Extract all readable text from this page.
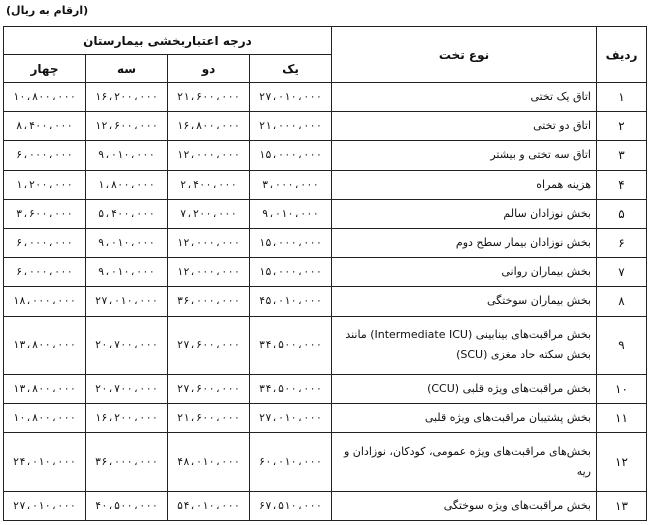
(ارقام به ریال)
ردیف	نوع تخت	درجه اعتباربخشی بیمارستان			
		یک	دو	سه	چهار
۱	اتاق یک تختی	۲۷،۰۱۰،۰۰۰	۲۱،۶۰۰،۰۰۰	۱۶،۲۰۰،۰۰۰	۱۰،۸۰۰،۰۰۰
۲	اتاق دو تختی	۲۱،۰۰۰،۰۰۰	۱۶،۸۰۰،۰۰۰	۱۲،۶۰۰،۰۰۰	۸،۴۰۰،۰۰۰
۳	اتاق سه تختی و بیشتر	۱۵،۰۰۰،۰۰۰	۱۲،۰۰۰،۰۰۰	۹،۰۱۰،۰۰۰	۶،۰۰۰،۰۰۰
۴	هزینه همراه	۳،۰۰۰،۰۰۰	۲،۴۰۰،۰۰۰	۱،۸۰۰،۰۰۰	۱،۲۰۰،۰۰۰
۵	بخش نوزادان سالم	۹،۰۱۰،۰۰۰	۷،۲۰۰،۰۰۰	۵،۴۰۰،۰۰۰	۳،۶۰۰،۰۰۰
۶	بخش نوزادان بیمار سطح دوم	۱۵،۰۰۰،۰۰۰	۱۲،۰۰۰،۰۰۰	۹،۰۱۰،۰۰۰	۶،۰۰۰،۰۰۰
۷	بخش بیماران روانی	۱۵،۰۰۰،۰۰۰	۱۲،۰۰۰،۰۰۰	۹،۰۱۰،۰۰۰	۶،۰۰۰،۰۰۰
۸	بخش بیماران سوختگی	۴۵،۰۱۰،۰۰۰	۳۶،۰۰۰،۰۰۰	۲۷،۰۱۰،۰۰۰	۱۸،۰۰۰،۰۰۰
۹	بخش مراقبت‌های بینابینی (Intermediate ICU) مانند بخش سکته حاد مغزی (SCU)	۳۴،۵۰۰،۰۰۰	۲۷،۶۰۰،۰۰۰	۲۰،۷۰۰،۰۰۰	۱۳،۸۰۰،۰۰۰
۱۰	بخش مراقبت‌های ویژه قلبی (CCU)	۳۴،۵۰۰،۰۰۰	۲۷،۶۰۰،۰۰۰	۲۰،۷۰۰،۰۰۰	۱۳،۸۰۰،۰۰۰
۱۱	بخش پشتیبان مراقبت‌های ویژه قلبی	۲۷،۰۱۰،۰۰۰	۲۱،۶۰۰،۰۰۰	۱۶،۲۰۰،۰۰۰	۱۰،۸۰۰،۰۰۰
۱۲	بخش‌های مراقبت‌های ویژه عمومی، کودکان، نوزادان و ریه	۶۰،۰۱۰،۰۰۰	۴۸،۰۱۰،۰۰۰	۳۶،۰۰۰،۰۰۰	۲۴،۰۱۰،۰۰۰
۱۳	بخش مراقبت‌های ویژه سوختگی	۶۷،۵۱۰،۰۰۰	۵۴،۰۱۰،۰۰۰	۴۰،۵۰۰،۰۰۰	۲۷،۰۱۰،۰۰۰
